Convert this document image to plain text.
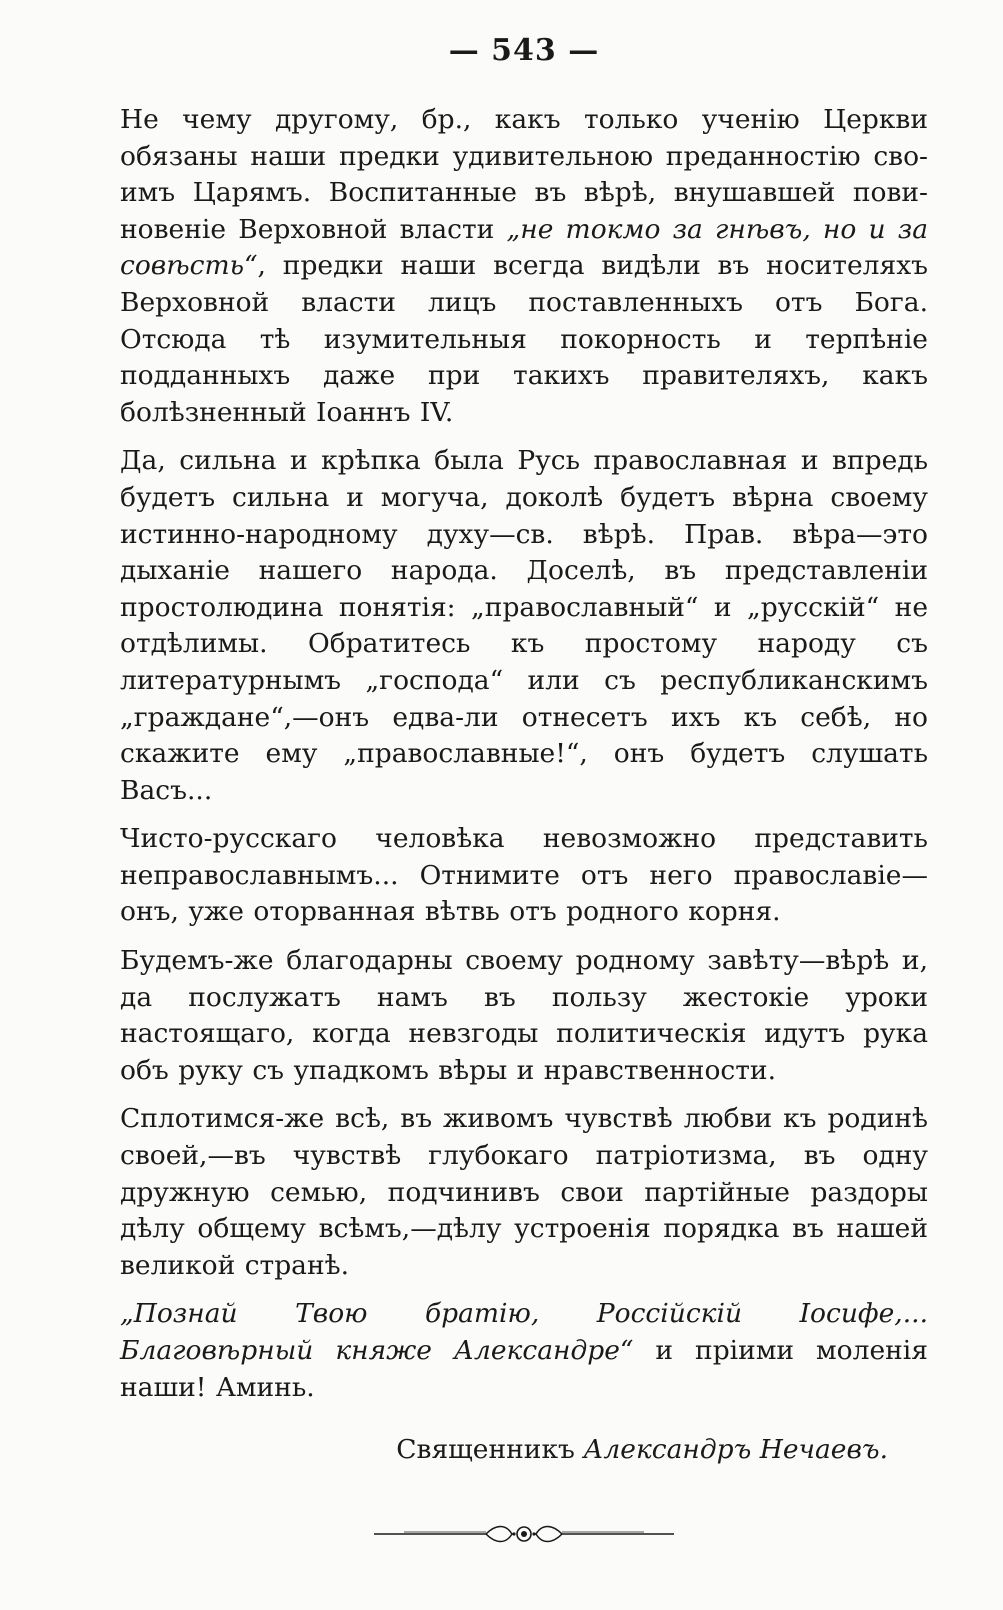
— 543 —

Не чему другому, бр., какъ только ученію Церкви обязаны наши предки удивительною преданностію сво- имъ Царямъ. Воспитанные въ вѣрѣ, внушавшей пови- новеніе Верховной власти „не токмо за гнѣвъ, но и за совѣсть“, предки наши всегда видѣли въ носителяхъ Верховной власти лицъ поставленныхъ отъ Бога. Отсюда тѣ изумительныя покорность и терпѣніе подданныхъ даже при такихъ правителяхъ, какъ болѣзненный Іоаннъ IV.

Да, сильна и крѣпка была Русь православная и впредь будетъ сильна и могуча, доколѣ будетъ вѣрна своему истинно-народному духу—св. вѣрѣ. Прав. вѣра—это дыханіе нашего народа. Доселѣ, въ представленіи простолюдина понятія: „православный“ и „русскій“ не отдѣлимы. Обратитесь къ простому народу съ литературнымъ „господа“ или съ республиканскимъ „граждане“,—онъ едва-ли отнесетъ ихъ къ себѣ, но скажите ему „православные!“, онъ будетъ слушать Васъ...

Чисто-русскаго человѣка невозможно представить неправославнымъ... Отнимите отъ него православіе—онъ, уже оторванная вѣтвь отъ родного корня.

Будемъ-же благодарны своему родному завѣту—вѣрѣ и, да послужатъ намъ въ пользу жестокіе уроки настоящаго, когда невзгоды политическія идутъ рука объ руку съ упадкомъ вѣры и нравственности.

Сплотимся-же всѣ, въ живомъ чувствѣ любви къ родинѣ своей,—въ чувствѣ глубокаго патріотизма, въ одну дружную семью, подчинивъ свои партійные раздоры дѣлу общему всѣмъ,—дѣлу устроенія порядка въ нашей великой странѣ.

„Познай Твою братію, Россійскій Іосифе,... Благовѣрный княже Александре“ и пріими моленія наши! Аминь.

Священникъ Александръ Нечаевъ.
